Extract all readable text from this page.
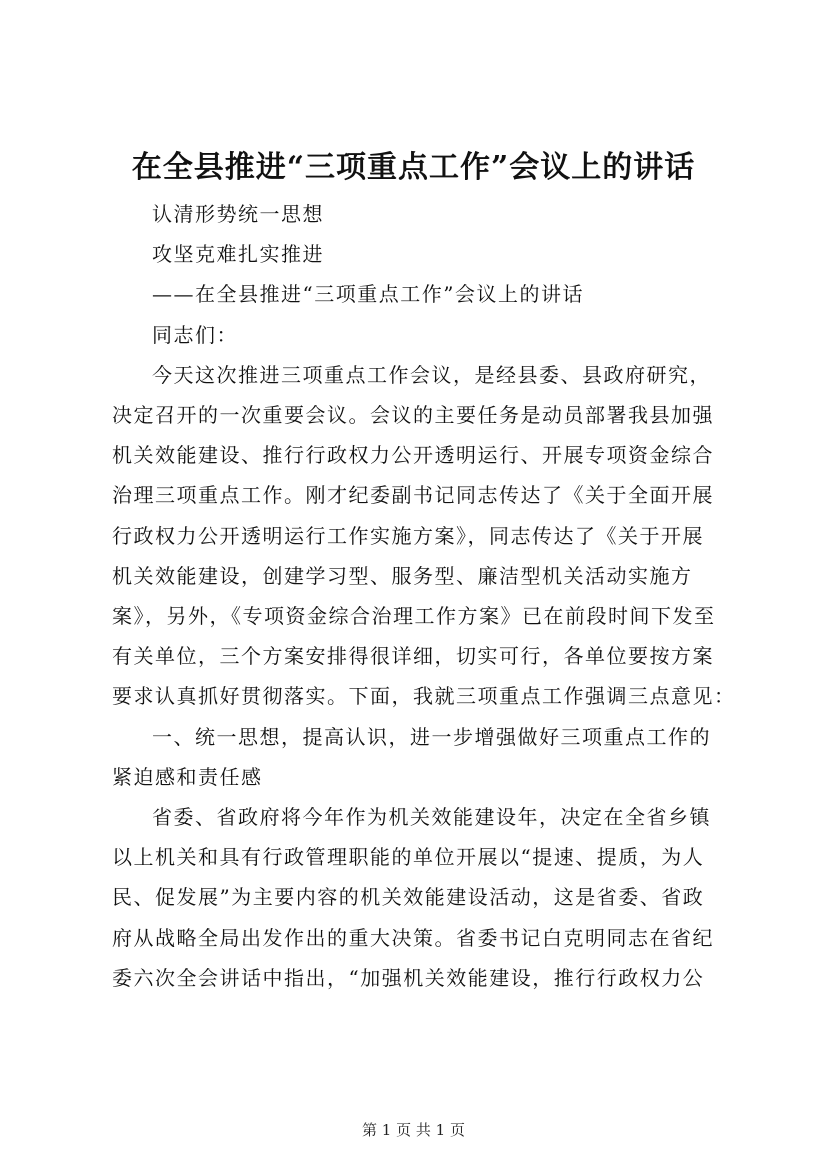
在全县推进“三项重点工作”会议上的讲话
认清形势统一思想
攻坚克难扎实推进
——在全县推进“三项重点工作”会议上的讲话
同志们：
今天这次推进三项重点工作会议，是经县委、县政府研究，
决定召开的一次重要会议。会议的主要任务是动员部署我县加强
机关效能建设、推行行政权力公开透明运行、开展专项资金综合
治理三项重点工作。刚才纪委副书记同志传达了《关于全面开展
行政权力公开透明运行工作实施方案》，同志传达了《关于开展
机关效能建设，创建学习型、服务型、廉洁型机关活动实施方
案》，另外，《专项资金综合治理工作方案》已在前段时间下发至
有关单位，三个方案安排得很详细，切实可行，各单位要按方案
要求认真抓好贯彻落实。下面，我就三项重点工作强调三点意见：
一、统一思想，提高认识，进一步增强做好三项重点工作的
紧迫感和责任感
省委、省政府将今年作为机关效能建设年，决定在全省乡镇
以上机关和具有行政管理职能的单位开展以“提速、提质，为人
民、促发展”为主要内容的机关效能建设活动，这是省委、省政
府从战略全局出发作出的重大决策。省委书记白克明同志在省纪
委六次全会讲话中指出，“加强机关效能建设，推行行政权力公
第 1 页 共 1 页
